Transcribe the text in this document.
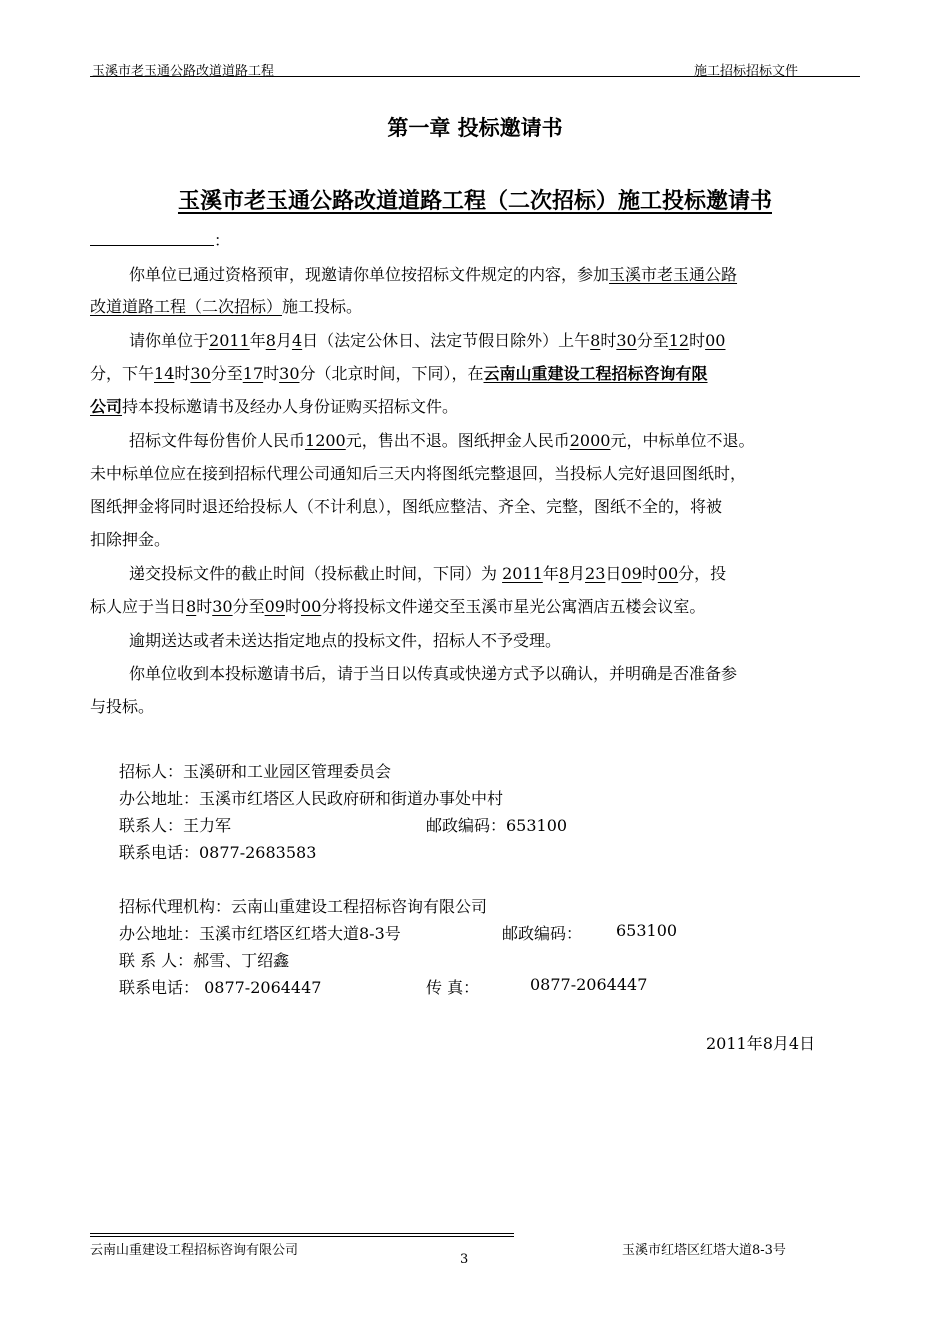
玉溪市老玉通公路改道道路工程	施工招标招标文件
第一章 投标邀请书
玉溪市老玉通公路改道道路工程（二次招标）施工投标邀请书
：
你单位已通过资格预审，现邀请你单位按招标文件规定的内容，参加玉溪市老玉通公路
改道道路工程（二次招标）施工投标。
请你单位于2011年8月4日（法定公休日、法定节假日除外）上午8时30分至12时00
分，下午14时30分至17时30分（北京时间，下同），在云南山重建设工程招标咨询有限
公司持本投标邀请书及经办人身份证购买招标文件。
招标文件每份售价人民币1200元，售出不退。图纸押金人民币2000元，中标单位不退。
未中标单位应在接到招标代理公司通知后三天内将图纸完整退回，当投标人完好退回图纸时，
图纸押金将同时退还给投标人（不计利息），图纸应整洁、齐全、完整，图纸不全的，将被
扣除押金。
递交投标文件的截止时间（投标截止时间，下同）为 2011年8月23日09时00分，投
标人应于当日8时30分至09时00分将投标文件递交至玉溪市星光公寓酒店五楼会议室。
逾期送达或者未送达指定地点的投标文件，招标人不予受理。
你单位收到本投标邀请书后，请于当日以传真或快递方式予以确认，并明确是否准备参
与投标。
招标人：玉溪研和工业园区管理委员会
办公地址：玉溪市红塔区人民政府研和街道办事处中村
联系人：王力军	邮政编码：653100
联系电话：0877-2683583
招标代理机构：云南山重建设工程招标咨询有限公司
办公地址：玉溪市红塔区红塔大道8-3号	邮政编码： 653100
联 系 人：郝雪、丁绍鑫
联系电话： 0877-2064447	传 真：	0877-2064447
2011年8月4日
云南山重建设工程招标咨询有限公司	玉溪市红塔区红塔大道8-3号
3
